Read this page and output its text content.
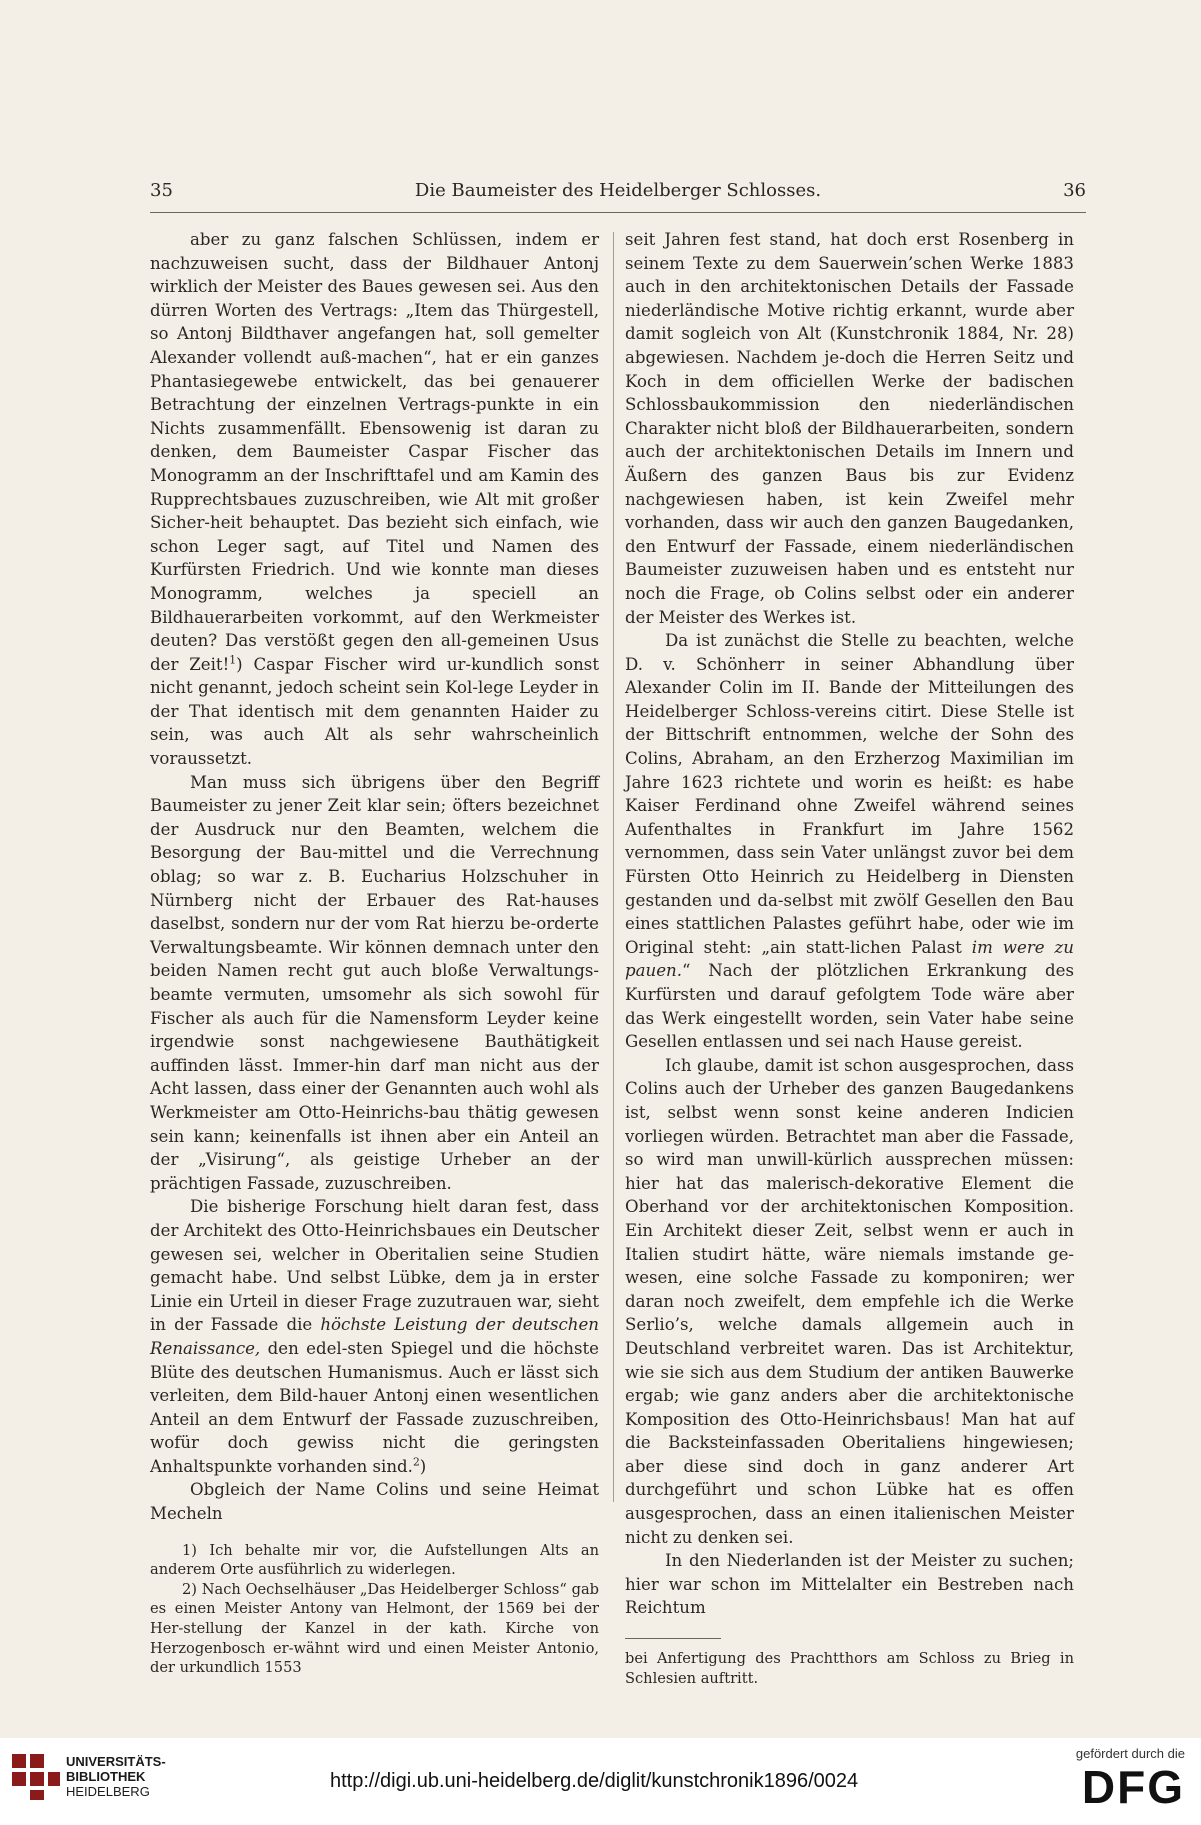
35	Die Baumeister des Heidelberger Schlosses.	36

aber zu ganz falschen Schlüssen, indem er nachzuweisen sucht, dass der Bildhauer Antonj wirklich der Meister des Baues gewesen sei. Aus den dürren Worten des Vertrags: „Item das Thürgestell, so Antonj Bildthaver angefangen hat, soll gemelter Alexander vollendt auß-machen“, hat er ein ganzes Phantasiegewebe entwickelt, das bei genauerer Betrachtung der einzelnen Vertrags-punkte in ein Nichts zusammenfällt. Ebensowenig ist daran zu denken, dem Baumeister Caspar Fischer das Monogramm an der Inschrifttafel und am Kamin des Rupprechtsbaues zuzuschreiben, wie Alt mit großer Sicher-heit behauptet. Das bezieht sich einfach, wie schon Leger sagt, auf Titel und Namen des Kurfürsten Friedrich. Und wie konnte man dieses Monogramm, welches ja speciell an Bildhauerarbeiten vorkommt, auf den Werkmeister deuten? Das verstößt gegen den all-gemeinen Usus der Zeit!$^1$) Caspar Fischer wird ur-kundlich sonst nicht genannt, jedoch scheint sein Kol-lege Leyder in der That identisch mit dem genannten Haider zu sein, was auch Alt als sehr wahrscheinlich voraussetzt.

Man muss sich übrigens über den Begriff Baumeister zu jener Zeit klar sein; öfters bezeichnet der Ausdruck nur den Beamten, welchem die Besorgung der Bau-mittel und die Verrechnung oblag; so war z. B. Eucharius Holzschuher in Nürnberg nicht der Erbauer des Rat-hauses daselbst, sondern nur der vom Rat hierzu be-orderte Verwaltungsbeamte. Wir können demnach unter den beiden Namen recht gut auch bloße Verwaltungs-beamte vermuten, umsomehr als sich sowohl für Fischer als auch für die Namensform Leyder keine irgendwie sonst nachgewiesene Bauthätigkeit auffinden lässt. Immer-hin darf man nicht aus der Acht lassen, dass einer der Genannten auch wohl als Werkmeister am Otto-Heinrichs-bau thätig gewesen sein kann; keinenfalls ist ihnen aber ein Anteil an der „Visirung“, als geistige Urheber an der prächtigen Fassade, zuzuschreiben.

Die bisherige Forschung hielt daran fest, dass der Architekt des Otto-Heinrichsbaues ein Deutscher gewesen sei, welcher in Oberitalien seine Studien gemacht habe. Und selbst Lübke, dem ja in erster Linie ein Urteil in dieser Frage zuzutrauen war, sieht in der Fassade die höchste Leistung der deutschen Renaissance, den edel-sten Spiegel und die höchste Blüte des deutschen Humanismus. Auch er lässt sich verleiten, dem Bild-hauer Antonj einen wesentlichen Anteil an dem Entwurf der Fassade zuzuschreiben, wofür doch gewiss nicht die geringsten Anhaltspunkte vorhanden sind.$^2$)

Obgleich der Name Colins und seine Heimat Mecheln

1) Ich behalte mir vor, die Aufstellungen Alts an anderem Orte ausführlich zu widerlegen.

2) Nach Oechselhäuser „Das Heidelberger Schloss“ gab es einen Meister Antony van Helmont, der 1569 bei der Her-stellung der Kanzel in der kath. Kirche von Herzogenbosch er-wähnt wird und einen Meister Antonio, der urkundlich 1553

seit Jahren fest stand, hat doch erst Rosenberg in seinem Texte zu dem Sauerwein’schen Werke 1883 auch in den architektonischen Details der Fassade niederländische Motive richtig erkannt, wurde aber damit sogleich von Alt (Kunstchronik 1884, Nr. 28) abgewiesen. Nachdem je-doch die Herren Seitz und Koch in dem officiellen Werke der badischen Schlossbaukommission den niederländischen Charakter nicht bloß der Bildhauerarbeiten, sondern auch der architektonischen Details im Innern und Äußern des ganzen Baus bis zur Evidenz nachgewiesen haben, ist kein Zweifel mehr vorhanden, dass wir auch den ganzen Baugedanken, den Entwurf der Fassade, einem niederländischen Baumeister zuzuweisen haben und es entsteht nur noch die Frage, ob Colins selbst oder ein anderer der Meister des Werkes ist.

Da ist zunächst die Stelle zu beachten, welche D. v. Schönherr in seiner Abhandlung über Alexander Colin im II. Bande der Mitteilungen des Heidelberger Schloss-vereins citirt. Diese Stelle ist der Bittschrift entnommen, welche der Sohn des Colins, Abraham, an den Erzherzog Maximilian im Jahre 1623 richtete und worin es heißt: es habe Kaiser Ferdinand ohne Zweifel während seines Aufenthaltes in Frankfurt im Jahre 1562 vernommen, dass sein Vater unlängst zuvor bei dem Fürsten Otto Heinrich zu Heidelberg in Diensten gestanden und da-selbst mit zwölf Gesellen den Bau eines stattlichen Palastes geführt habe, oder wie im Original steht: „ain statt-lichen Palast im were zu pauen.“ Nach der plötzlichen Erkrankung des Kurfürsten und darauf gefolgtem Tode wäre aber das Werk eingestellt worden, sein Vater habe seine Gesellen entlassen und sei nach Hause gereist.

Ich glaube, damit ist schon ausgesprochen, dass Colins auch der Urheber des ganzen Baugedankens ist, selbst wenn sonst keine anderen Indicien vorliegen würden. Betrachtet man aber die Fassade, so wird man unwill-kürlich aussprechen müssen: hier hat das malerisch-dekorative Element die Oberhand vor der architektonischen Komposition. Ein Architekt dieser Zeit, selbst wenn er auch in Italien studirt hätte, wäre niemals imstande ge-wesen, eine solche Fassade zu komponiren; wer daran noch zweifelt, dem empfehle ich die Werke Serlio’s, welche damals allgemein auch in Deutschland verbreitet waren. Das ist Architektur, wie sie sich aus dem Studium der antiken Bauwerke ergab; wie ganz anders aber die architektonische Komposition des Otto-Heinrichsbaus! Man hat auf die Backsteinfassaden Oberitaliens hingewiesen; aber diese sind doch in ganz anderer Art durchgeführt und schon Lübke hat es offen ausgesprochen, dass an einen italienischen Meister nicht zu denken sei.

In den Niederlanden ist der Meister zu suchen; hier war schon im Mittelalter ein Bestreben nach Reichtum

bei Anfertigung des Prachtthors am Schloss zu Brieg in Schlesien auftritt.

UNIVERSITÄTS-
BIBLIOTHEK
HEIDELBERG	http://digi.ub.uni-heidelberg.de/diglit/kunstchronik1896/0024
gefördert durch die
DFG
